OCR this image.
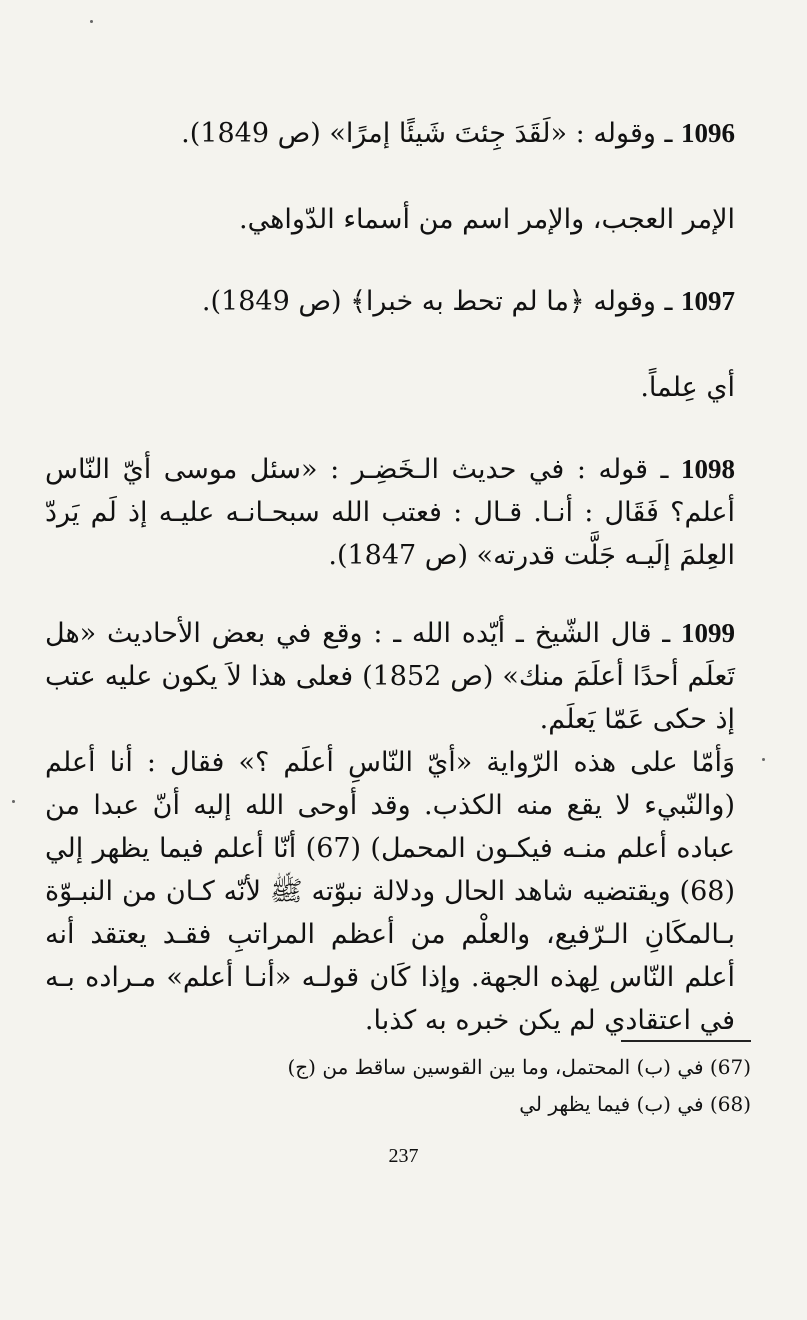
1096 ـ وقوله : «لَقَدَ جِئتَ شَيئًا إمرًا» (ص 1849).
الإمر العجب، والإمر اسم من أسماء الدّواهي.
1097 ـ وقوله ﴿ما لم تحط به خبرا﴾ (ص 1849).
أي عِلماً.
1098 ـ قوله : في حديث الـخَضِـر : «سئل موسى أيّ النّاس أعلم؟ فَقَال : أنـا. قـال : فعتب الله سبحـانـه عليـه إذ لَم يَردّ العِلمَ إلَيـه جَلَّت قدرته» (ص 1847).
1099 ـ قال الشّيخ ـ أيّده الله ـ : وقع في بعض الأحاديث «هل تَعلَم أحدًا أعلَمَ منك» (ص 1852) فعلى هذا لاَ يكون عليه عتب إذ حكى عَمّا يَعلَم.
وَأمّا على هذه الرّواية «أيّ النّاسِ أعلَم ؟» فقال : أنا أعلم (والنّبيء لا يقع منه الكذب. وقد أوحى الله إليه أنّ عبدا من عباده أعلم منـه فيكـون المحمل) (67) أنّا أعلم فيما يظهر إلي (68) ويقتضيه شاهد الحال ودلالة نبوّته ﷺ لأنّه كـان من النبـوّة بـالمكَانِ الـرّفيع، والعلْم من أعظم المراتبِ فقـد يعتقد أنه أعلم النّاس لِهذه الجهة. وإذا كَان قولـه «أنـا أعلم» مـراده بـه في اعتقادي لم يكن خبره به كذبا.
(67) في (ب) المحتمل، وما بين القوسين ساقط من (ج)
(68) في (ب) فيما يظهر لي
237
